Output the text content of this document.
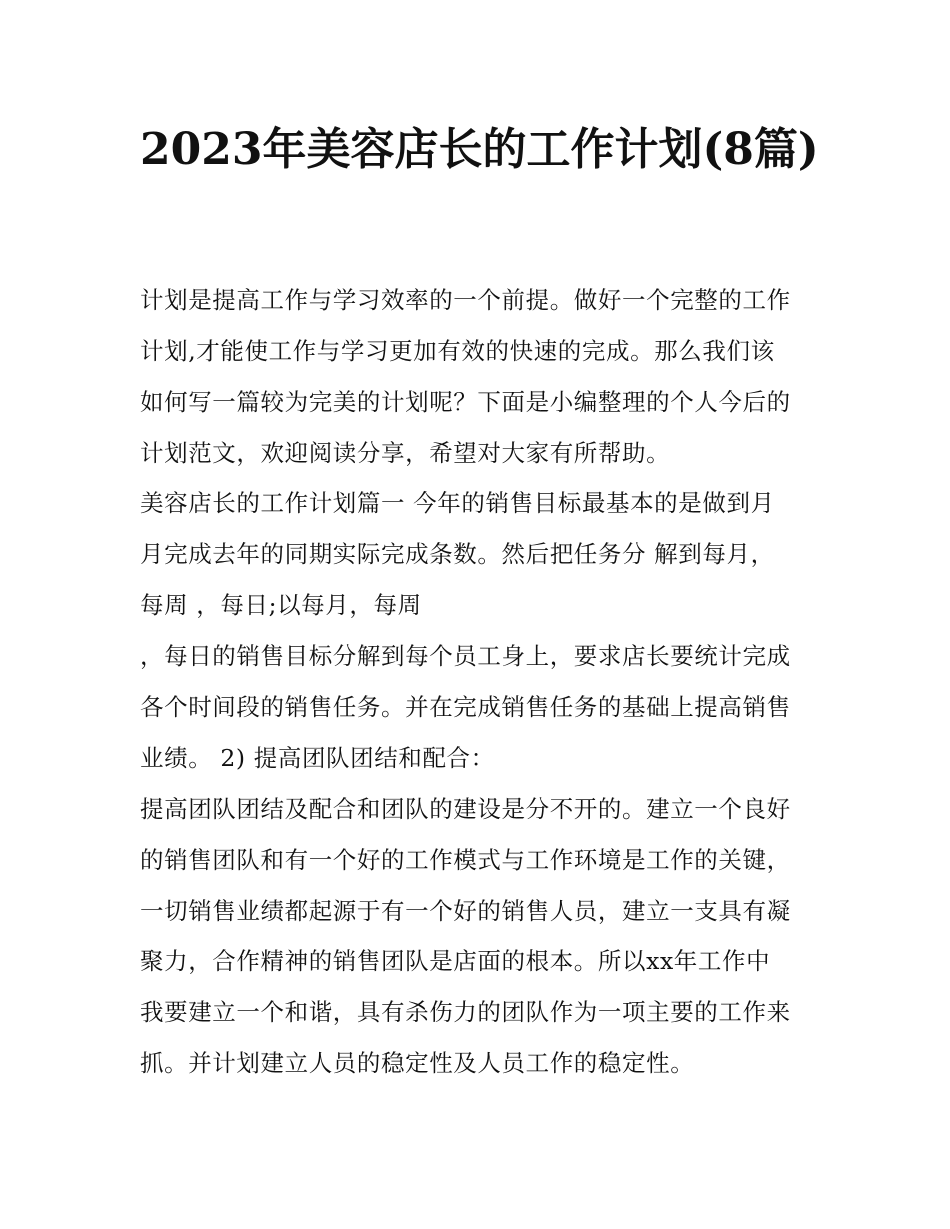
2023年美容店长的工作计划(8篇)

计划是提高工作与学习效率的一个前提。做好一个完整的工作

计划,才能使工作与学习更加有效的快速的完成。那么我们该

如何写一篇较为完美的计划呢？下面是小编整理的个人今后的

计划范文，欢迎阅读分享，希望对大家有所帮助。

美容店长的工作计划篇一 今年的销售目标最基本的是做到月

月完成去年的同期实际完成条数。然后把任务分 解到每月，

每周 ，每日;以每月，每周

，每日的销售目标分解到每个员工身上，要求店长要统计完成

各个时间段的销售任务。并在完成销售任务的基础上提高销售

业绩。 2) 提高团队团结和配合：

提高团队团结及配合和团队的建设是分不开的。建立一个良好

的销售团队和有一个好的工作模式与工作环境是工作的关键，

一切销售业绩都起源于有一个好的销售人员，建立一支具有凝

聚力，合作精神的销售团队是店面的根本。所以xx年工作中

我要建立一个和谐，具有杀伤力的团队作为一项主要的工作来

抓。并计划建立人员的稳定性及人员工作的稳定性。
